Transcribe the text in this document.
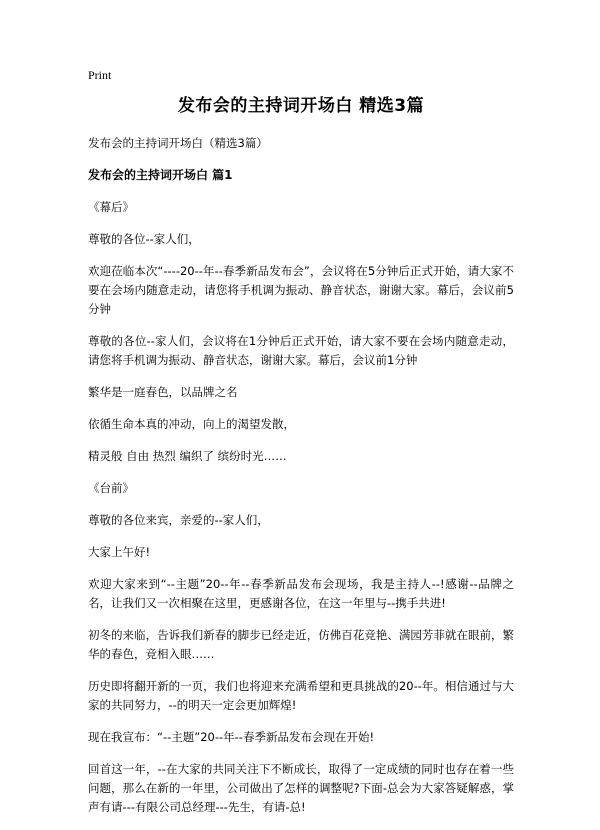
Print
发布会的主持词开场白 精选3篇
发布会的主持词开场白（精选3篇）
发布会的主持词开场白 篇1
《幕后》
尊敬的各位--家人们，
欢迎莅临本次“----20--年--春季新品发布会”，会议将在5分钟后正式开始，请大家不要在会场内随意走动，请您将手机调为振动、静音状态，谢谢大家。幕后，会议前5分钟
尊敬的各位--家人们，会议将在1分钟后正式开始，请大家不要在会场内随意走动，请您将手机调为振动、静音状态，谢谢大家。幕后，会议前1分钟
繁华是一庭春色，以品牌之名
依循生命本真的冲动，向上的渴望发散，
精灵般 自由 热烈 编织了 缤纷时光……
《台前》
尊敬的各位来宾，亲爱的--家人们，
大家上午好!
欢迎大家来到“--主题”20--年--春季新品发布会现场，我是主持人--!感谢--品牌之名，让我们又一次相聚在这里，更感谢各位，在这一年里与--携手共进!
初冬的来临，告诉我们新春的脚步已经走近，仿佛百花竞艳、满园芳菲就在眼前，繁华的春色，竞相入眼……
历史即将翻开新的一页，我们也将迎来充满希望和更具挑战的20--年。相信通过与大家的共同努力，--的明天一定会更加辉煌!
现在我宣布：“--主题”20--年--春季新品发布会现在开始!
回首这一年，--在大家的共同关注下不断成长，取得了一定成绩的同时也存在着一些问题，那么在新的一年里，公司做出了怎样的调整呢?下面-总会为大家答疑解惑，掌声有请---有限公司总经理---先生，有请-总!
